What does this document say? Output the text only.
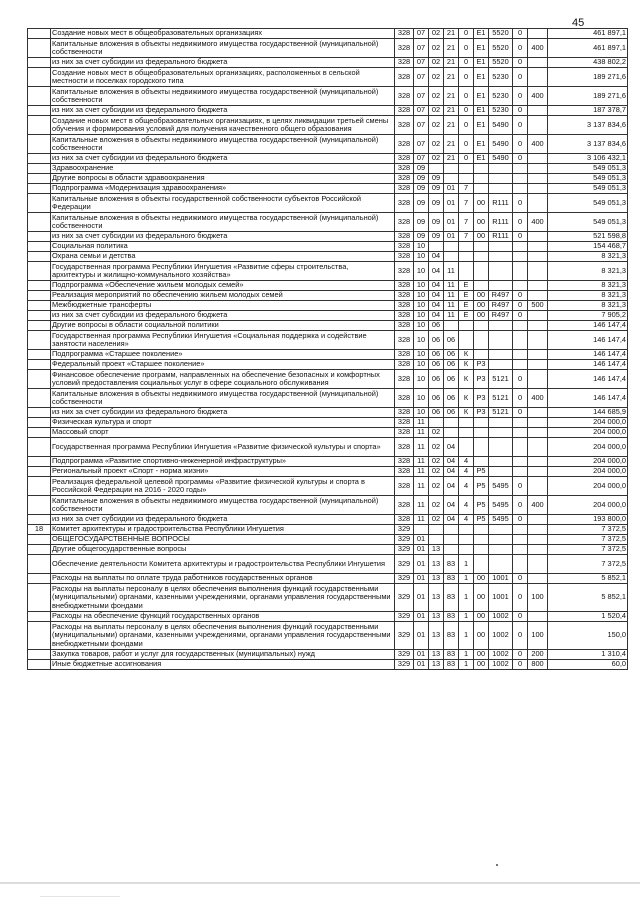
45
	Создание новых мест в общеобразовательных организациях	328	07	02	21	0	E1	5520	0		461 897,1
	Капитальные вложения в объекты недвижимого имущества государственной (муниципальной) собственности	328	07	02	21	0	E1	5520	0	400	461 897,1
	из них за счет субсидии из федерального бюджета	328	07	02	21	0	E1	5520	0		438 802,2
	Создание новых мест в общеобразовательных организациях, расположенных в сельской местности и поселках городского типа	328	07	02	21	0	E1	5230	0		189 271,6
	Капитальные вложения в объекты недвижимого имущества государственной (муниципальной) собственности	328	07	02	21	0	E1	5230	0	400	189 271,6
	из них за счет субсидии из федерального бюджета	328	07	02	21	0	E1	5230	0		187 378,7
	Создание новых мест в общеобразовательных организациях, в целях ликвидации третьей смены обучения и формирования условий для получения качественного общего образования	328	07	02	21	0	E1	5490	0		3 137 834,6
	Капитальные вложения в объекты недвижимого имущества государственной (муниципальной) собственности	328	07	02	21	0	E1	5490	0	400	3 137 834,6
	из них за счет субсидии из федерального бюджета	328	07	02	21	0	E1	5490	0		3 106 432,1
	Здравоохранение	328	09								549 051,3
	Другие вопросы в области здравоохранения	328	09	09							549 051,3
	Подпрограмма «Модернизация здравоохранения»	328	09	09	01	7					549 051,3
	Капитальные вложения в объекты государственной собственности субъектов Российской Федерации	328	09	09	01	7	00	R111	0		549 051,3
	Капитальные вложения в объекты недвижимого имущества государственной (муниципальной) собственности	328	09	09	01	7	00	R111	0	400	549 051,3
	из них за счет субсидии из федерального бюджета	328	09	09	01	7	00	R111	0		521 598,8
	Социальная политика	328	10								154 468,7
	Охрана семьи и детства	328	10	04							8 321,3
	Государственная программа Республики Ингушетия «Развитие сферы строительства, архитектуры и жилищно-коммунального хозяйства»	328	10	04	11						8 321,3
	Подпрограмма «Обеспечение жильем молодых семей»	328	10	04	11	Е					8 321,3
	Реализация мероприятий по обеспечению жильем молодых семей	328	10	04	11	Е	00	R497	0		8 321,3
	Межбюджетные трансферты	328	10	04	11	Е	00	R497	0	500	8 321,3
	из них за счет субсидии из федерального бюджета	328	10	04	11	Е	00	R497	0		7 905,2
	Другие вопросы в области социальной политики	328	10	06							146 147,4
	Государственная программа Республики Ингушетия «Социальная поддержка и содействие занятости населения»	328	10	06	06						146 147,4
	Подпрограмма «Старшее поколение»	328	10	06	06	К					146 147,4
	Федеральный проект «Старшее поколение»	328	10	06	06	К	Р3				146 147,4
	Финансовое обеспечение программ, направленных на обеспечение безопасных и комфортных условий предоставления социальных услуг в сфере социального обслуживания	328	10	06	06	К	Р3	5121	0		146 147,4
	Капитальные вложения в объекты недвижимого имущества государственной (муниципальной) собственности	328	10	06	06	К	Р3	5121	0	400	146 147,4
	из них за счет субсидии из федерального бюджета	328	10	06	06	К	Р3	5121	0		144 685,9
	Физическая культура и спорт	328	11								204 000,0
	Массовый спорт	328	11	02							204 000,0
	Государственная программа Республики Ингушетия «Развитие физической культуры и спорта»	328	11	02	04						204 000,0
	Подпрограмма «Развитие спортивно-инженерной инфраструктуры»	328	11	02	04	4					204 000,0
	Региональный проект «Спорт - норма жизни»	328	11	02	04	4	Р5				204 000,0
	Реализация федеральной целевой программы «Развитие физической культуры и спорта в Российской Федерации на 2016 - 2020 годы»	328	11	02	04	4	Р5	5495	0		204 000,0
	Капитальные вложения в объекты недвижимого имущества государственной (муниципальной) собственности	328	11	02	04	4	Р5	5495	0	400	204 000,0
	из них за счет субсидии из федерального бюджета	328	11	02	04	4	Р5	5495	0		193 800,0
18	Комитет архитектуры и градостроительства Республики Ингушетия	329									7 372,5
	ОБЩЕГОСУДАРСТВЕННЫЕ ВОПРОСЫ	329	01								7 372,5
	Другие общегосударственные вопросы	329	01	13							7 372,5
	Обеспечение деятельности Комитета архитектуры и градостроительства Республики Ингушетия	329	01	13	83	1					7 372,5
	Расходы на выплаты по оплате труда работников государственных органов	329	01	13	83	1	00	1001	0		5 852,1
	Расходы на выплаты персоналу в целях обеспечения выполнения функций государственными (муниципальными) органами, казенными учреждениями, органами управления государственными внебюджетными фондами	329	01	13	83	1	00	1001	0	100	5 852,1
	Расходы на обеспечение функций государственных органов	329	01	13	83	1	00	1002	0		1 520,4
	Расходы на выплаты персоналу в целях обеспечения выполнения функций государственными (муниципальными) органами, казенными учреждениями, органами управления государственными внебюджетными фондами	329	01	13	83	1	00	1002	0	100	150,0
	Закупка товаров, работ и услуг для государственных (муниципальных) нужд	329	01	13	83	1	00	1002	0	200	1 310,4
	Иные бюджетные ассигнования	329	01	13	83	1	00	1002	0	800	60,0
